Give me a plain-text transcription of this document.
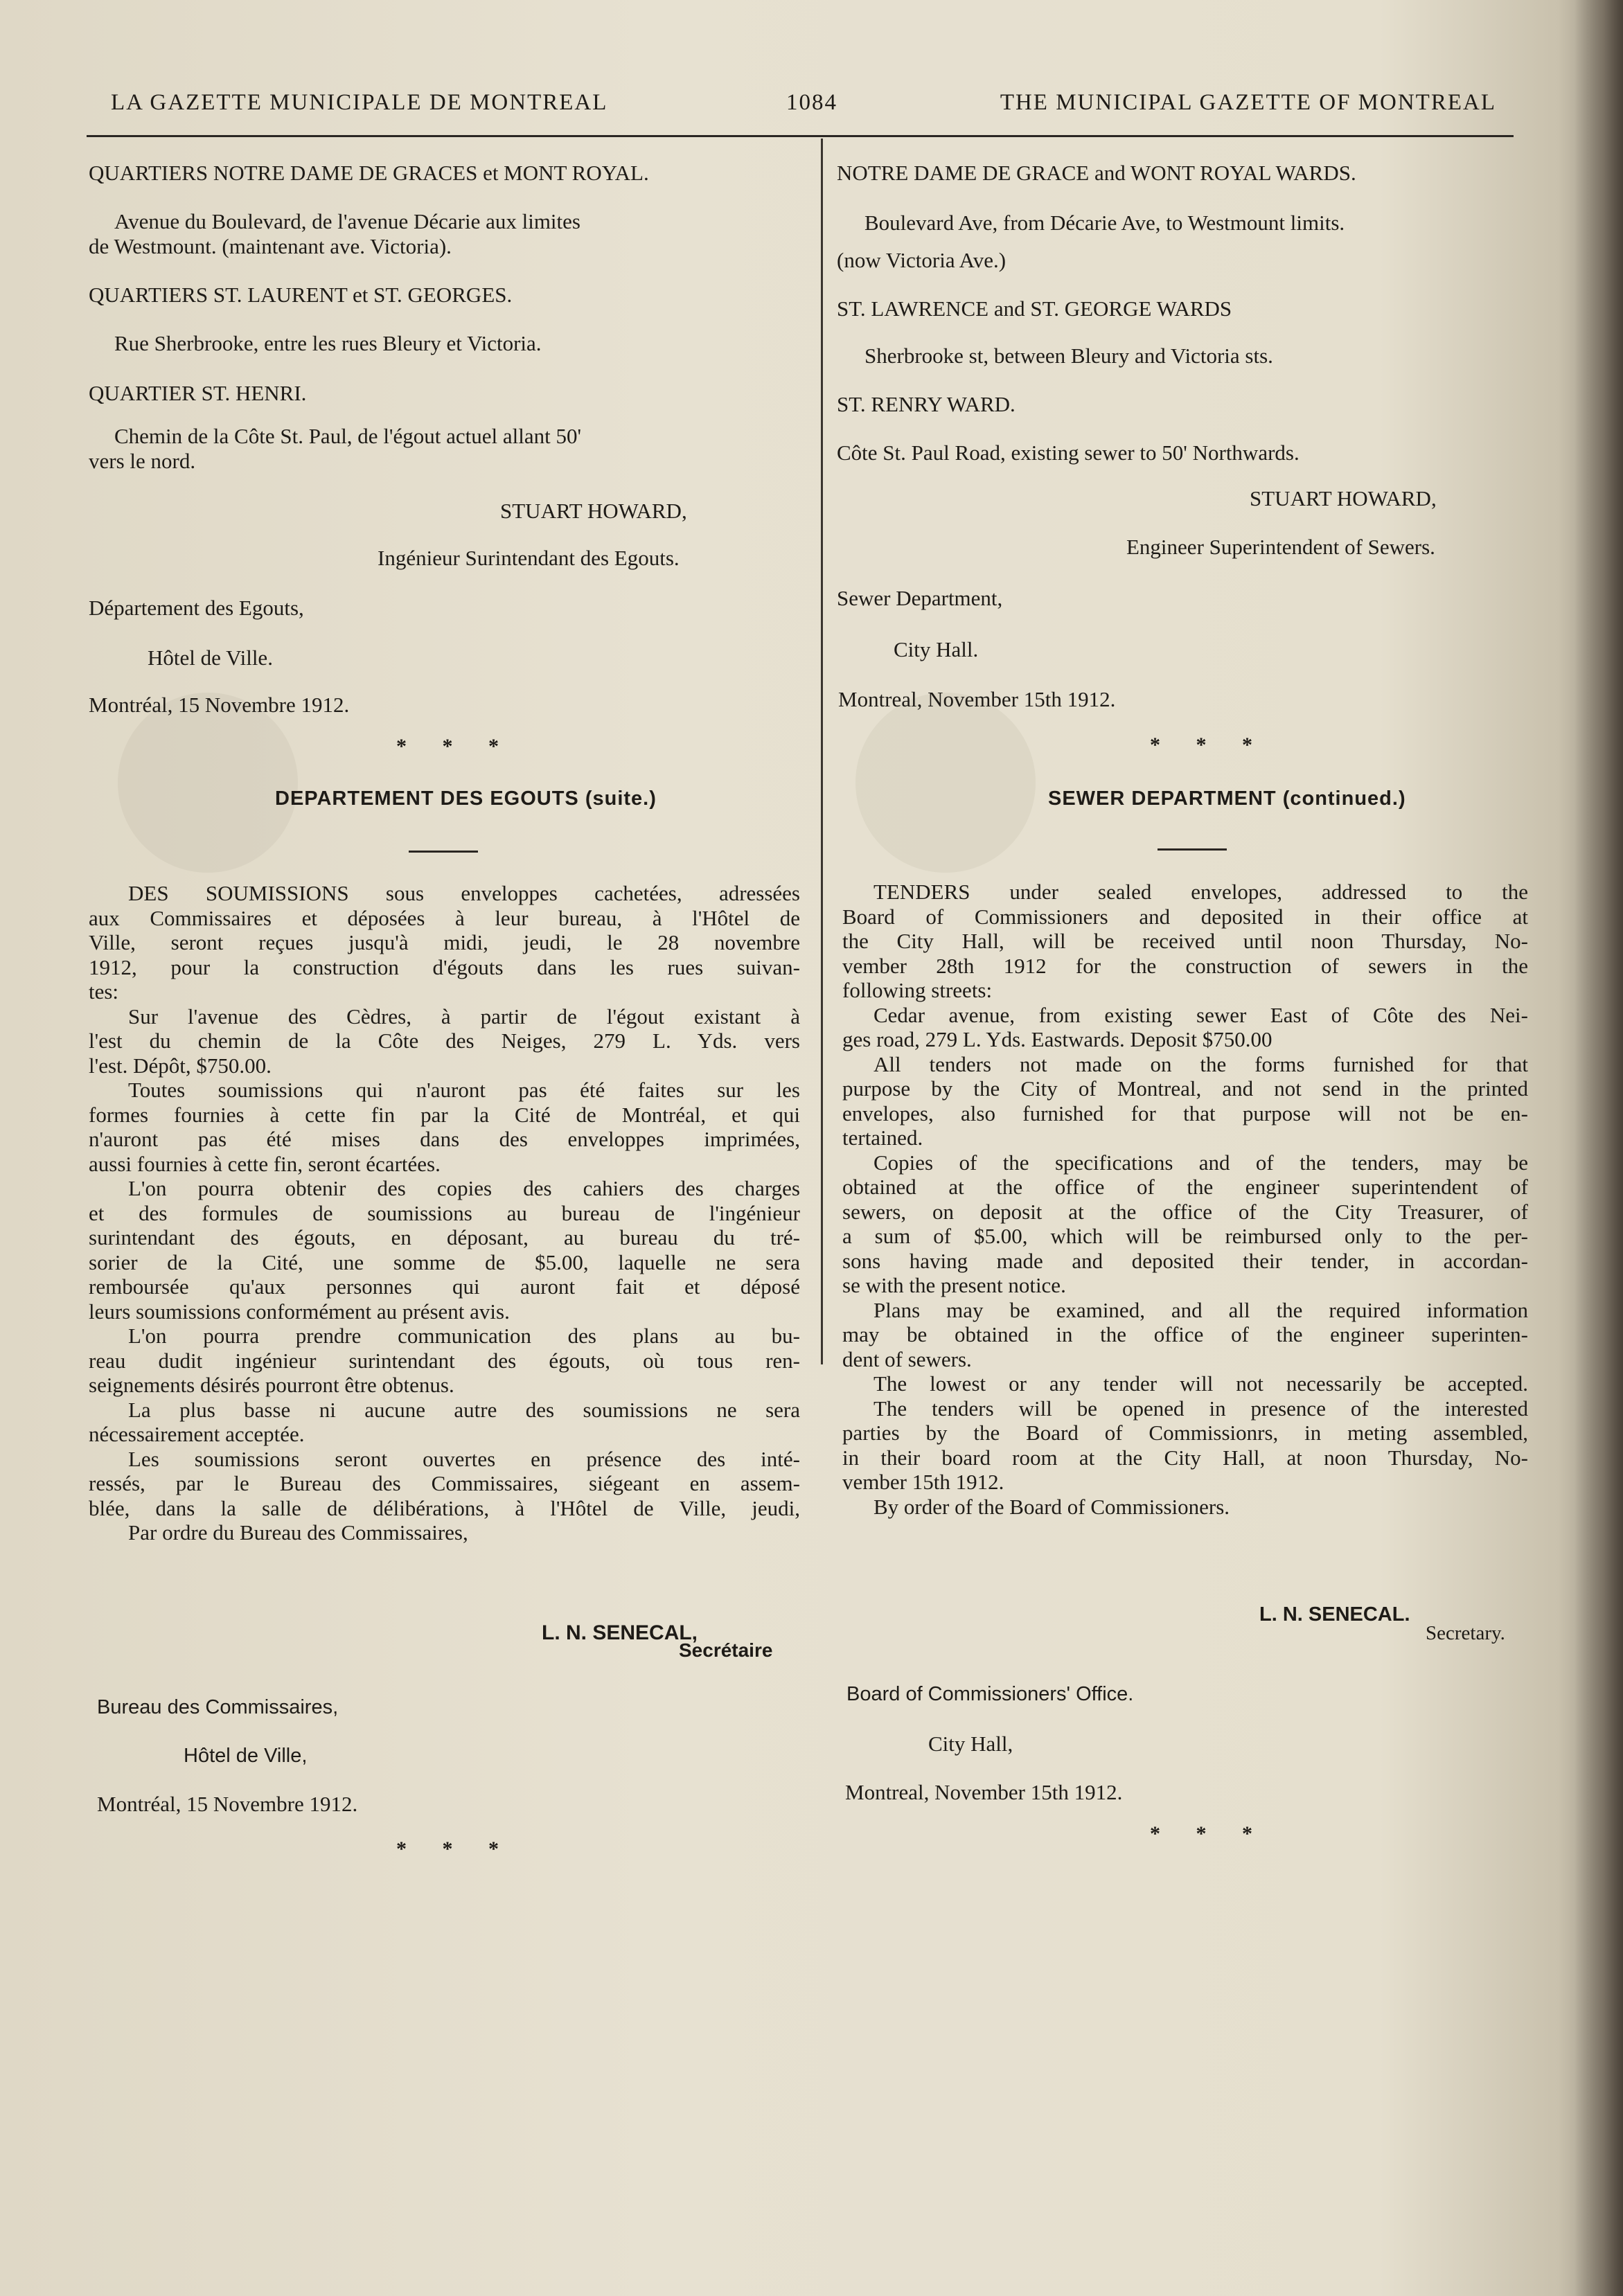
LA GAZETTE MUNICIPALE DE MONTREAL	1084	THE MUNICIPAL GAZETTE OF MONTREAL
QUARTIERS NOTRE DAME DE GRACES et MONT ROYAL.
Avenue du Boulevard, de l'avenue Décarie aux limites
de Westmount. (maintenant ave. Victoria).
QUARTIERS ST. LAURENT et ST. GEORGES.
Rue Sherbrooke, entre les rues Bleury et Victoria.
QUARTIER ST. HENRI.
Chemin de la Côte St. Paul, de l'égout actuel allant 50'
vers le nord.
STUART HOWARD,
Ingénieur Surintendant des Egouts.
Département des Egouts,
Hôtel de Ville.
Montréal, 15 Novembre 1912.
* * *
DEPARTEMENT DES EGOUTS (suite.)

DES SOUMISSIONS sous enveloppes cachetées, adressées

aux Commissaires et déposées à leur bureau, à l'Hôtel de

Ville, seront reçues jusqu'à midi, jeudi, le 28 novembre

1912, pour la construction d'égouts dans les rues suivan-

tes:

Sur l'avenue des Cèdres, à partir de l'égout existant à

l'est du chemin de la Côte des Neiges, 279 L. Yds. vers

l'est. Dépôt, $750.00.

Toutes soumissions qui n'auront pas été faites sur les

formes fournies à cette fin par la Cité de Montréal, et qui

n'auront pas été mises dans des enveloppes imprimées,

aussi fournies à cette fin, seront écartées.

L'on pourra obtenir des copies des cahiers des charges

et des formules de soumissions au bureau de l'ingénieur

surintendant des égouts, en déposant, au bureau du tré-

sorier de la Cité, une somme de $5.00, laquelle ne sera

remboursée qu'aux personnes qui auront fait et déposé

leurs soumissions conformément au présent avis.

L'on pourra prendre communication des plans au bu-

reau dudit ingénieur surintendant des égouts, où tous ren-

seignements désirés pourront être obtenus.

La plus basse ni aucune autre des soumissions ne sera

nécessairement acceptée.

Les soumissions seront ouvertes en présence des inté-

ressés, par le Bureau des Commissaires, siégeant en assem-

blée, dans la salle de délibérations, à l'Hôtel de Ville, jeudi,

Par ordre du Bureau des Commissaires,

L. N. SENECAL,
Secrétaire
Bureau des Commissaires,
Hôtel de Ville,
Montréal, 15 Novembre 1912.
* * *
NOTRE DAME DE GRACE and WONT ROYAL WARDS.
Boulevard Ave, from Décarie Ave, to Westmount limits.
(now Victoria Ave.)
ST. LAWRENCE and ST. GEORGE WARDS
Sherbrooke st, between Bleury and Victoria sts.
ST. RENRY WARD.
Côte St. Paul Road, existing sewer to 50' Northwards.
STUART HOWARD,
Engineer Superintendent of Sewers.
Sewer Department,
City Hall.
Montreal, November 15th 1912.
* * *
SEWER DEPARTMENT (continued.)

TENDERS under sealed envelopes, addressed to the

Board of Commissioners and deposited in their office at

the City Hall, will be received until noon Thursday, No-

vember 28th 1912 for the construction of sewers in the

following streets:

Cedar avenue, from existing sewer East of Côte des Nei-

ges road, 279 L. Yds. Eastwards. Deposit $750.00

All tenders not made on the forms furnished for that

purpose by the City of Montreal, and not send in the printed

envelopes, also furnished for that purpose will not be en-

tertained.

Copies of the specifications and of the tenders, may be

obtained at the office of the engineer superintendent of

sewers, on deposit at the office of the City Treasurer, of

a sum of $5.00, which will be reimbursed only to the per-

sons having made and deposited their tender, in accordan-

se with the present notice.

Plans may be examined, and all the required information

may be obtained in the office of the engineer superinten-

dent of sewers.

The lowest or any tender will not necessarily be accepted.

The tenders will be opened in presence of the interested

parties by the Board of Commissionrs, in meting assembled,

in their board room at the City Hall, at noon Thursday, No-

vember 15th 1912.

By order of the Board of Commissioners.

L. N. SENECAL.
Secretary.
Board of Commissioners' Office.
City Hall,
Montreal, November 15th 1912.
* * *
